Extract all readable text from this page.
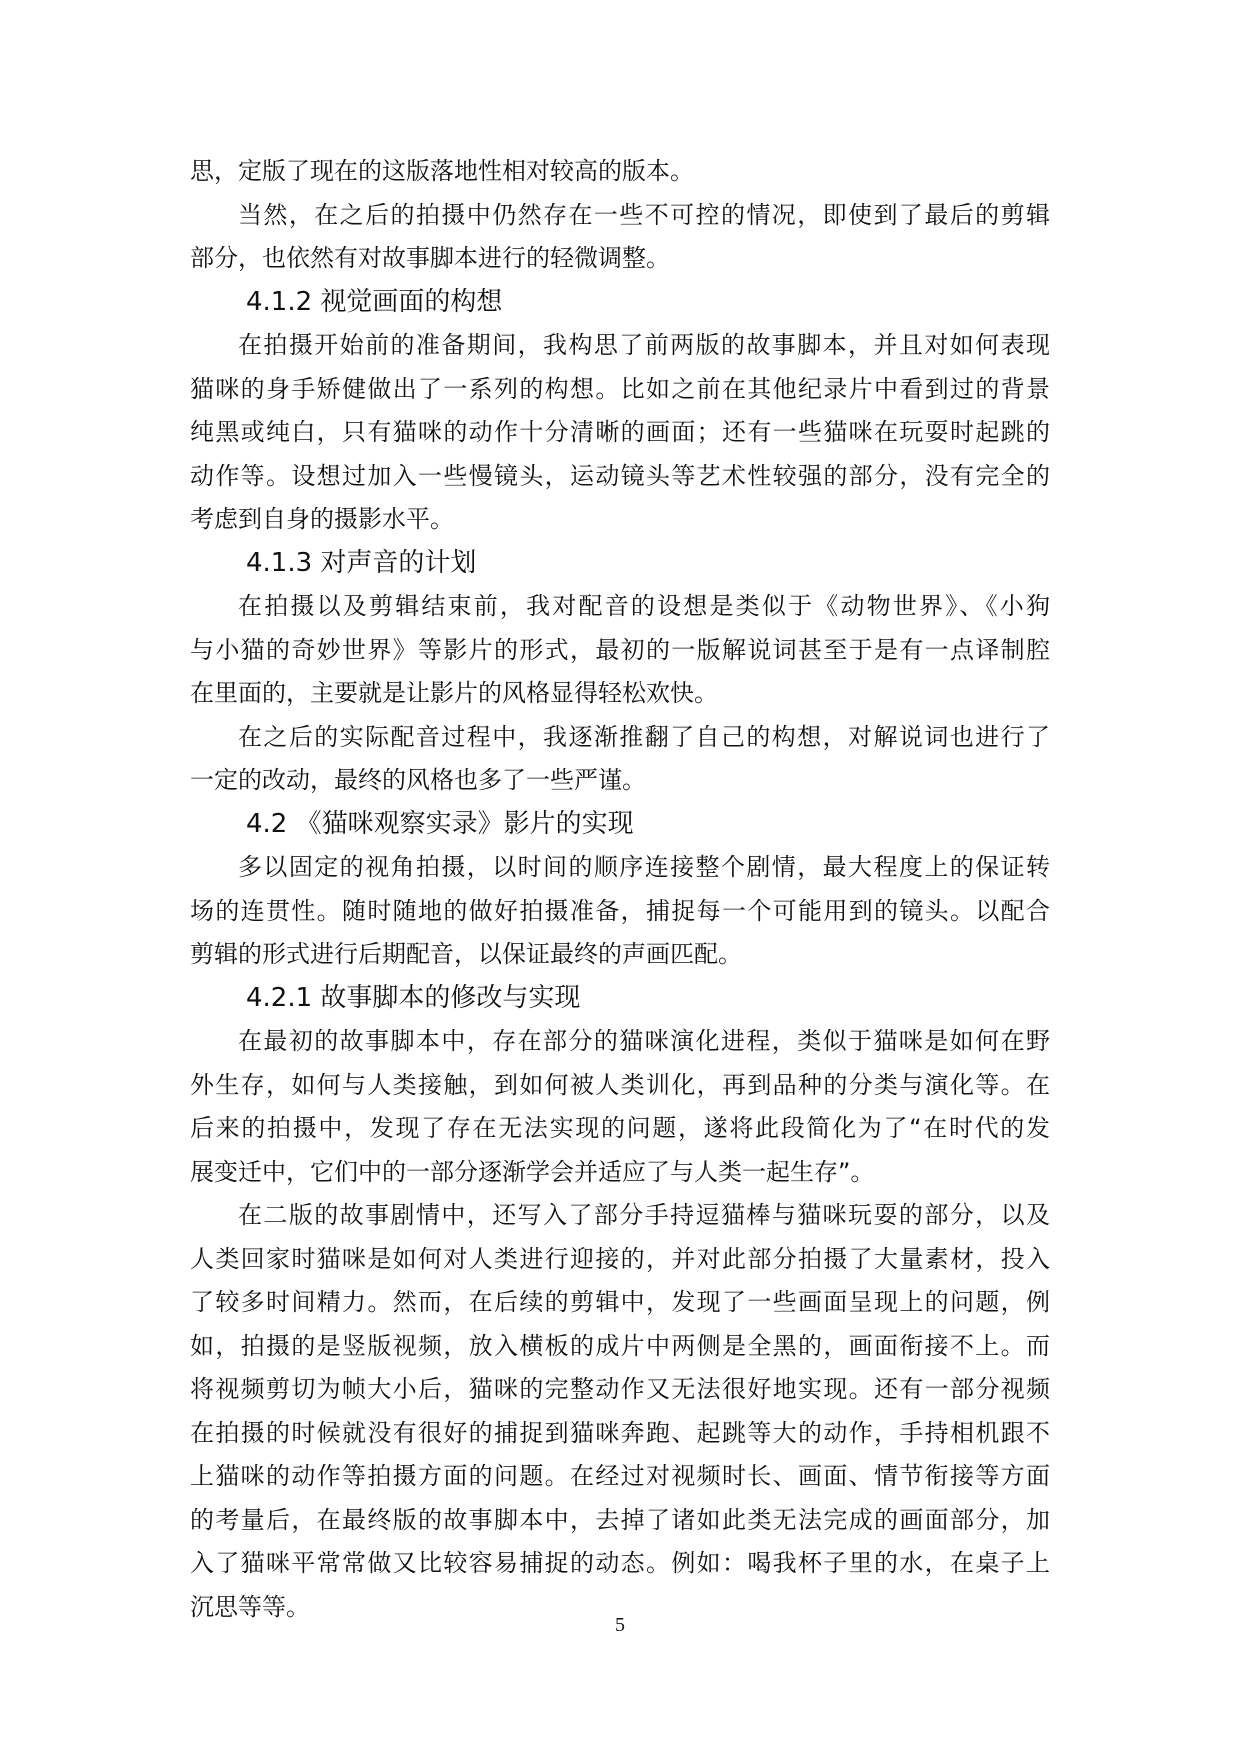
思，定版了现在的这版落地性相对较高的版本。
当然，在之后的拍摄中仍然存在一些不可控的情况，即使到了最后的剪辑
部分，也依然有对故事脚本进行的轻微调整。
4.1.2 视觉画面的构想
在拍摄开始前的准备期间，我构思了前两版的故事脚本，并且对如何表现
猫咪的身手矫健做出了一系列的构想。比如之前在其他纪录片中看到过的背景
纯黑或纯白，只有猫咪的动作十分清晰的画面；还有一些猫咪在玩耍时起跳的
动作等。设想过加入一些慢镜头，运动镜头等艺术性较强的部分，没有完全的
考虑到自身的摄影水平。
4.1.3 对声音的计划
在拍摄以及剪辑结束前，我对配音的设想是类似于《动物世界》、《小狗
与小猫的奇妙世界》等影片的形式，最初的一版解说词甚至于是有一点译制腔
在里面的，主要就是让影片的风格显得轻松欢快。
在之后的实际配音过程中，我逐渐推翻了自己的构想，对解说词也进行了
一定的改动，最终的风格也多了一些严谨。
4.2 《猫咪观察实录》影片的实现
多以固定的视角拍摄，以时间的顺序连接整个剧情，最大程度上的保证转
场的连贯性。随时随地的做好拍摄准备，捕捉每一个可能用到的镜头。以配合
剪辑的形式进行后期配音，以保证最终的声画匹配。
4.2.1 故事脚本的修改与实现
在最初的故事脚本中，存在部分的猫咪演化进程，类似于猫咪是如何在野
外生存，如何与人类接触，到如何被人类训化，再到品种的分类与演化等。在
后来的拍摄中，发现了存在无法实现的问题，遂将此段简化为了“在时代的发
展变迁中，它们中的一部分逐渐学会并适应了与人类一起生存”。
在二版的故事剧情中，还写入了部分手持逗猫棒与猫咪玩耍的部分，以及
人类回家时猫咪是如何对人类进行迎接的，并对此部分拍摄了大量素材，投入
了较多时间精力。然而，在后续的剪辑中，发现了一些画面呈现上的问题，例
如，拍摄的是竖版视频，放入横板的成片中两侧是全黑的，画面衔接不上。而
将视频剪切为帧大小后，猫咪的完整动作又无法很好地实现。还有一部分视频
在拍摄的时候就没有很好的捕捉到猫咪奔跑、起跳等大的动作，手持相机跟不
上猫咪的动作等拍摄方面的问题。在经过对视频时长、画面、情节衔接等方面
的考量后，在最终版的故事脚本中，去掉了诸如此类无法完成的画面部分，加
入了猫咪平常常做又比较容易捕捉的动态。例如：喝我杯子里的水，在桌子上
沉思等等。
5
